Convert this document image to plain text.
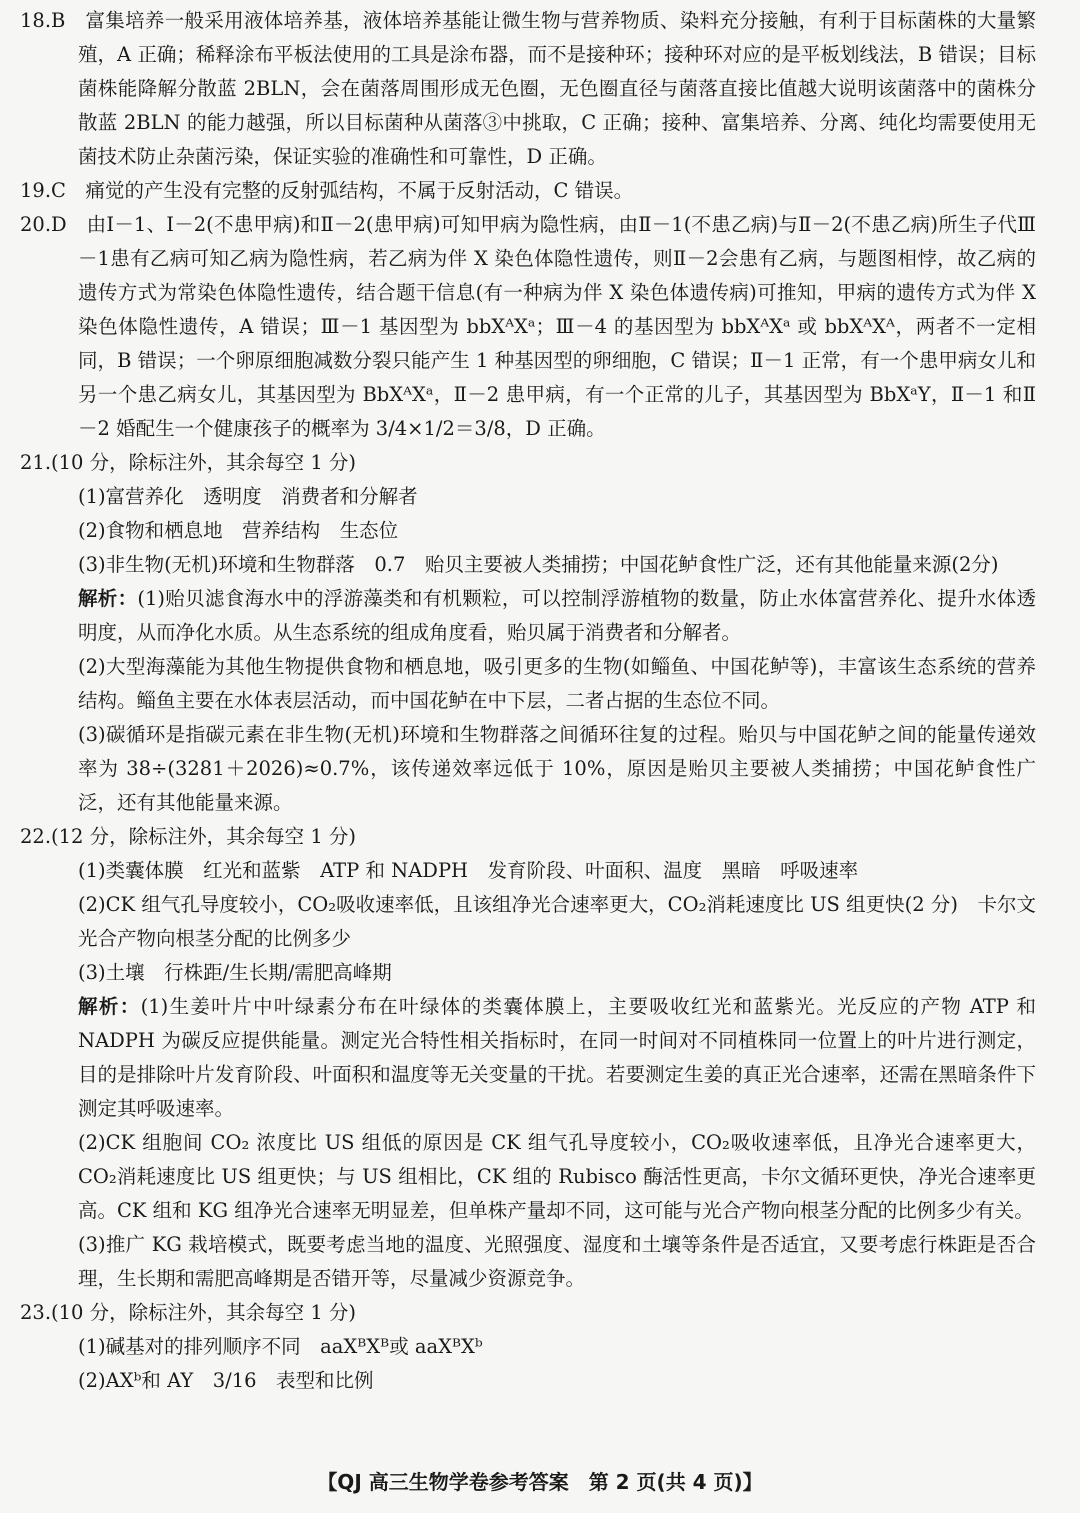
18.B　 富集培养一般采用液体培养基，液体培养基能让微生物与营养物质、染料充分接触，有利于目标菌株的大量繁殖，A 正确；稀释涂布平板法使用的工具是涂布器，而不是接种环；接种环对应的是平板划线法，B 错误；目标菌株能降解分散蓝 2BLN，会在菌落周围形成无色圈，无色圈直径与菌落直接比值越大说明该菌落中的菌株分散蓝 2BLN 的能力越强，所以目标菌种从菌落③中挑取，C 正确；接种、富集培养、分离、纯化均需要使用无菌技术防止杂菌污染，保证实验的准确性和可靠性，D 正确。

19.C　 痛觉的产生没有完整的反射弧结构，不属于反射活动，C 错误。

20.D　 由Ⅰ－1、Ⅰ－2(不患甲病)和Ⅱ－2(患甲病)可知甲病为隐性病，由Ⅱ－1(不患乙病)与Ⅱ－2(不患乙病)所生子代Ⅲ－1患有乙病可知乙病为隐性病，若乙病为伴 X 染色体隐性遗传，则Ⅱ－2会患有乙病，与题图相悖，故乙病的遗传方式为常染色体隐性遗传，结合题干信息(有一种病为伴 X 染色体遗传病)可推知，甲病的遗传方式为伴 X 染色体隐性遗传，A 错误；Ⅲ－1 基因型为 bbXᴬXᵃ；Ⅲ－4 的基因型为 bbXᴬXᵃ 或 bbXᴬXᴬ，两者不一定相同，B 错误；一个卵原细胞减数分裂只能产生 1 种基因型的卵细胞，C 错误；Ⅱ－1 正常，有一个患甲病女儿和另一个患乙病女儿，其基因型为 BbXᴬXᵃ，Ⅱ－2 患甲病，有一个正常的儿子，其基因型为 BbXᵃY，Ⅱ－1 和Ⅱ－2 婚配生一个健康孩子的概率为 3/4×1/2＝3/8，D 正确。

21.(10 分，除标注外，其余每空 1 分)

(1)富营养化　透明度　消费者和分解者

(2)食物和栖息地　营养结构　生态位

(3)非生物(无机)环境和生物群落　0.7　贻贝主要被人类捕捞；中国花鲈食性广泛，还有其他能量来源(2分)

解析：(1)贻贝滤食海水中的浮游藻类和有机颗粒，可以控制浮游植物的数量，防止水体富营养化、提升水体透明度，从而净化水质。从生态系统的组成角度看，贻贝属于消费者和分解者。

(2)大型海藻能为其他生物提供食物和栖息地，吸引更多的生物(如鲻鱼、中国花鲈等)，丰富该生态系统的营养结构。鲻鱼主要在水体表层活动，而中国花鲈在中下层，二者占据的生态位不同。

(3)碳循环是指碳元素在非生物(无机)环境和生物群落之间循环往复的过程。贻贝与中国花鲈之间的能量传递效率为 38÷(3281＋2026)≈0.7%，该传递效率远低于 10%，原因是贻贝主要被人类捕捞；中国花鲈食性广泛，还有其他能量来源。

22.(12 分，除标注外，其余每空 1 分)

(1)类囊体膜　红光和蓝紫　ATP 和 NADPH　发育阶段、叶面积、温度　黑暗　呼吸速率

(2)CK 组气孔导度较小，CO₂吸收速率低，且该组净光合速率更大，CO₂消耗速度比 US 组更快(2 分)　卡尔文　光合产物向根茎分配的比例多少

(3)土壤　行株距/生长期/需肥高峰期

解析：(1)生姜叶片中叶绿素分布在叶绿体的类囊体膜上，主要吸收红光和蓝紫光。光反应的产物 ATP 和 NADPH 为碳反应提供能量。测定光合特性相关指标时，在同一时间对不同植株同一位置上的叶片进行测定，目的是排除叶片发育阶段、叶面积和温度等无关变量的干扰。若要测定生姜的真正光合速率，还需在黑暗条件下测定其呼吸速率。

(2)CK 组胞间 CO₂ 浓度比 US 组低的原因是 CK 组气孔导度较小，CO₂吸收速率低，且净光合速率更大，CO₂消耗速度比 US 组更快；与 US 组相比，CK 组的 Rubisco 酶活性更高，卡尔文循环更快，净光合速率更高。CK 组和 KG 组净光合速率无明显差，但单株产量却不同，这可能与光合产物向根茎分配的比例多少有关。

(3)推广 KG 栽培模式，既要考虑当地的温度、光照强度、湿度和土壤等条件是否适宜，又要考虑行株距是否合理，生长期和需肥高峰期是否错开等，尽量减少资源竞争。

23.(10 分，除标注外，其余每空 1 分)

(1)碱基对的排列顺序不同　aaXᴮXᴮ或 aaXᴮXᵇ

(2)AXᵇ和 AY　3/16　表型和比例

【QJ 高三生物学卷参考答案　第 2 页(共 4 页)】
